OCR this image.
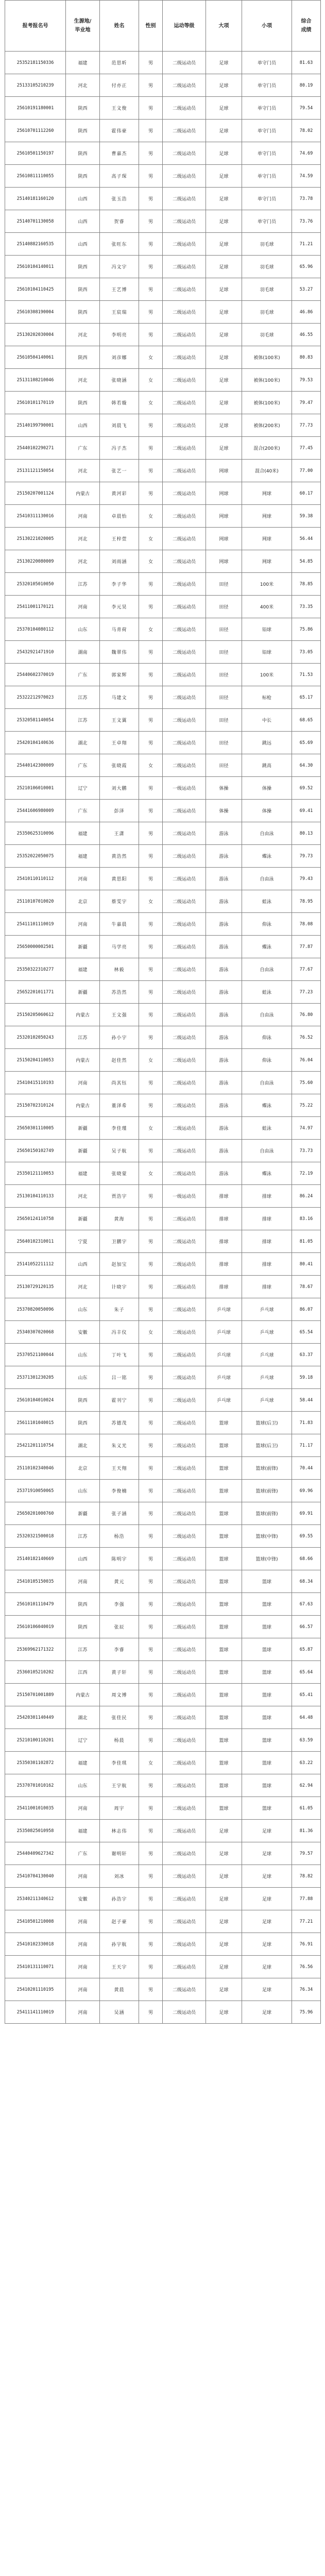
报考报名号	生源地/
毕业地	姓名	性别	运动等级	大项	小项	综合
成绩
25352181150336	福建	范思昕	男	二级运动员	足球	单守门员	81.63
25133105210239	河北	付亦正	男	二级运动员	足球	单守门员	80.19
25610191180001	陕西	王文俊	男	二级运动员	足球	单守门员	79.54
25610701112260	陕西	霍伟豪	男	二级运动员	足球	单守门员	78.02
25610501150197	陕西	曹嘉杰	男	二级运动员	足球	单守门员	74.69
25610811110055	陕西	高子琛	男	二级运动员	足球	单守门员	74.59
25140181160120	山西	张玉浩	男	二级运动员	足球	单守门员	73.78
25140701130058	山西	贺睿	男	二级运动员	足球	单守门员	73.76
25140882160535	山西	张旺东	男	二级运动员	足球	羽毛球	71.21
25610104140011	陕西	冯文宇	男	二级运动员	足球	羽毛球	65.96
25610104110425	陕西	王艺博	男	二级运动员	足球	羽毛球	53.27
25610308190004	陕西	王宸瑞	男	二级运动员	足球	羽毛球	46.86
25130202030004	河北	李明亮	男	二级运动员	足球	羽毛球	46.55
25610504140061	陕西	刘彦娜	女	二级运动员	足球	被体(100米)	80.83
25131108210046	河北	张晓涵	女	二级运动员	足球	被体(100米)	79.53
25610101170119	陕西	韩若璇	女	二级运动员	足球	被体(100米)	79.47
25140199790001	山西	刘晨飞	男	二级运动员	足球	被体(200米)	77.73
25440102290271	广东	冯子杰	男	二级运动员	足球	混合(200米)	77.45
25131121150054	河北	张艺一	男	二级运动员	网球	混合(40米)	77.00
25150207001124	内蒙古	黄河彩	男	二级运动员	网球	网球	60.17
25410311130016	河南	卓晨怡	女	二级运动员	网球	网球	59.38
25130221020005	河北	王梓萱	女	二级运动员	网球	网球	56.44
25130220080009	河北	刘雨涵	女	二级运动员	网球	网球	54.85
25320105010050	江苏	李子华	男	二级运动员	田径	100米	78.85
25411001170121	河南	李元昊	男	二级运动员	田径	400米	73.35
25370104080112	山东	马青荷	女	二级运动员	田径	铅球	75.86
25432921471910	湖南	魏翠伟	男	二级运动员	田径	铅球	73.05
25440602370019	广东	郭家辉	男	二级运动员	田径	100米	71.53
25322212970023	江苏	马建文	男	二级运动员	田径	标枪	65.17
25320581140054	江苏	王文翼	男	二级运动员	田径	中长	68.65
25420104140636	湖北	王卓翔	男	二级运动员	田径	跳远	65.69
25440142300009	广东	张晓霞	女	二级运动员	田径	跳高	64.30
25210106010001	辽宁	刘大鹏	男	一级运动员	体操	体操	69.52
25441606980009	广东	彭泽	男	二级运动员	体操	体操	69.41
25350625310096	福建	王潇	男	二级运动员	游泳	自由泳	80.13
25352022050075	福建	黄浩然	男	二级运动员	游泳	蝶泳	79.73
25410110110112	河南	黄思阳	男	二级运动员	游泳	自由泳	79.43
25110107010020	北京	蔡雯宇	女	二级运动员	游泳	蛙泳	78.95
25411101110019	河南	牛嘉晨	男	二级运动员	游泳	仰泳	78.08
25650000002501	新疆	马学亮	男	二级运动员	游泳	蝶泳	77.87
25350322310277	福建	林毅	男	二级运动员	游泳	自由泳	77.67
25652201011771	新疆	苏浩然	男	二级运动员	游泳	蛙泳	77.23
25150205060612	内蒙古	王文强	男	二级运动员	游泳	自由泳	76.80
25320102050243	江苏	孙小宇	男	二级运动员	游泳	仰泳	76.52
25150204110053	内蒙古	赵佳然	女	二级运动员	游泳	仰泳	76.04
25410415110193	河南	尚其钰	男	二级运动员	游泳	自由泳	75.60
25150702310124	内蒙古	董泽希	男	二级运动员	游泳	蝶泳	75.22
25650301110005	新疆	李佳瑾	女	二级运动员	游泳	蛙泳	74.97
25650150102749	新疆	吴子航	男	二级运动员	游泳	自由泳	73.73
25350121110053	福建	张晓蒙	女	二级运动员	游泳	蝶泳	72.19
25130104110133	河北	贾浩宇	男	一级运动员	排球	排球	86.24
25650124110758	新疆	黄海	男	二级运动员	排球	排球	83.16
25640102310011	宁夏	卫鹏宇	男	二级运动员	排球	排球	81.05
25141052211112	山西	赵加宝	男	二级运动员	排球	排球	80.41
25130729120135	河北	计晓宇	男	二级运动员	排球	排球	78.67
25370820050096	山东	朱子	男	二级运动员	乒乓球	乒乓球	86.07
25340307020068	安徽	冯丰仪	女	二级运动员	乒乓球	乒乓球	65.54
25370521100044	山东	丁叶飞	男	二级运动员	乒乓球	乒乓球	63.37
25371301230205	山东	吕一铭	男	二级运动员	乒乓球	乒乓球	59.18
25610104010024	陕西	霍刊宁	男	二级运动员	乒乓球	乒乓球	58.44
25611101040015	陕西	苏德茂	男	二级运动员	篮球	篮球(后卫)	71.83
25421201110754	湖北	朱义光	男	二级运动员	篮球	篮球(后卫)	71.17
25110102340046	北京	王天翔	男	二级运动员	篮球	篮球(前锋)	70.44
25371910050065	山东	李俊楠	男	二级运动员	篮球	篮球(前锋)	69.96
25650201000760	新疆	张子涵	男	二级运动员	篮球	篮球(前锋)	69.91
25320321500018	江苏	杨浩	男	二级运动员	篮球	篮球(中锋)	69.55
25140182140669	山西	陈明宇	男	二级运动员	篮球	篮球(中锋)	68.66
25410105150035	河南	黄元	男	二级运动员	篮球	篮球	68.34
25610101110479	陕西	李强	男	二级运动员	篮球	篮球	67.63
25610106040019	陕西	张辰	男	二级运动员	篮球	篮球	66.57
25369962171322	江苏	李睿	男	二级运动员	篮球	篮球	65.87
25360105210202	江西	黄子轩	男	二级运动员	篮球	篮球	65.64
25150701001889	内蒙古	周文博	男	二级运动员	篮球	篮球	65.41
25420301140449	湖北	张佳民	男	二级运动员	篮球	篮球	64.48
25210100110201	辽宁	杨晨	男	二级运动员	篮球	篮球	63.59
25350301102872	福建	李佳琪	女	二级运动员	篮球	篮球	63.22
25370701010162	山东	王宇航	男	二级运动员	篮球	篮球	62.94
25411001010035	河南	周宇	男	二级运动员	篮球	篮球	61.05
25350825010958	福建	林志伟	男	二级运动员	足球	足球	81.36
25440409627342	广东	谢明轩	男	二级运动员	足球	足球	79.57
25410704130040	河南	刘冰	男	二级运动员	足球	足球	78.82
25340211340612	安徽	孙浩宇	男	二级运动员	足球	足球	77.88
25410501210008	河南	赵子豪	男	二级运动员	足球	足球	77.21
25410102330018	河南	孙宇航	男	二级运动员	足球	足球	76.91
25410131110071	河南	王天宇	男	二级运动员	足球	足球	76.56
25410201110195	河南	黄晨	男	二级运动员	足球	足球	76.34
25411141110019	河南	吴涵	男	二级运动员	足球	足球	75.96
